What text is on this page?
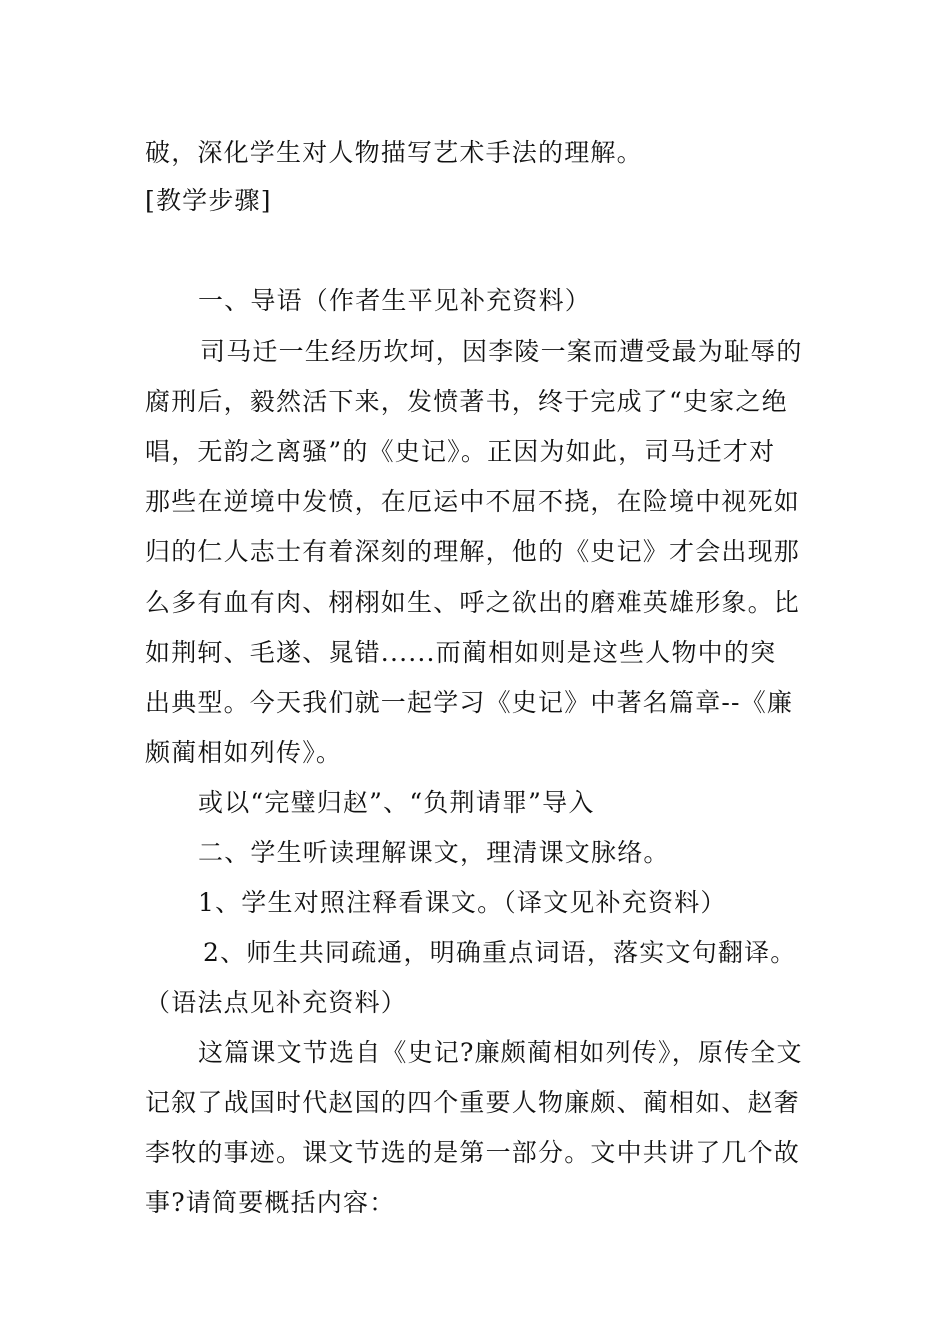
破，深化学生对人物描写艺术手法的理解。
[教学步骤]
一、导语（作者生平见补充资料）
司马迁一生经历坎坷，因李陵一案而遭受最为耻辱的
腐刑后，毅然活下来，发愤著书，终于完成了“史家之绝
唱，无韵之离骚”的《史记》。正因为如此，司马迁才对
那些在逆境中发愤，在厄运中不屈不挠，在险境中视死如
归的仁人志士有着深刻的理解，他的《史记》才会出现那
么多有血有肉、栩栩如生、呼之欲出的磨难英雄形象。比
如荆轲、毛遂、晁错......而蔺相如则是这些人物中的突
出典型。今天我们就一起学习《史记》中著名篇章--《廉
颇蔺相如列传》。
或以“完璧归赵”、“负荆请罪”导入
二、学生听读理解课文，理清课文脉络。
1、学生对照注释看课文。（译文见补充资料）
2、师生共同疏通，明确重点词语，落实文句翻译。
（语法点见补充资料）
这篇课文节选自《史记?廉颇蔺相如列传》，原传全文
记叙了战国时代赵国的四个重要人物廉颇、蔺相如、赵奢
李牧的事迹。课文节选的是第一部分。文中共讲了几个故
事?请简要概括内容：
